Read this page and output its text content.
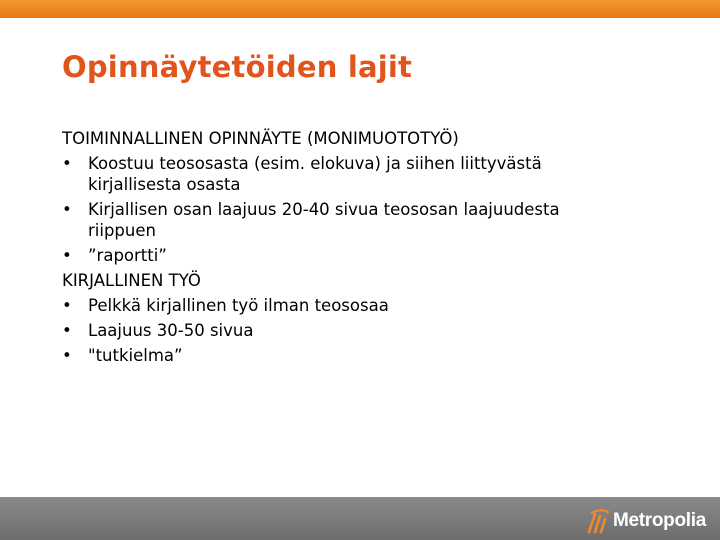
Opinnäytetöiden lajit

TOIMINNALLINEN OPINNÄYTE (MONIMUOTOTYÖ)

• Koostuu teososasta (esim. elokuva) ja siihen liittyvästä
kirjallisesta osasta
• Kirjallisen osan laajuus 20-40 sivua teososan laajuudesta
riippuen
• ”raportti”

KIRJALLINEN TYÖ

• Pelkkä kirjallinen työ ilman teososaa
• Laajuus 30-50 sivua
• "tutkielma”
Metropolia
